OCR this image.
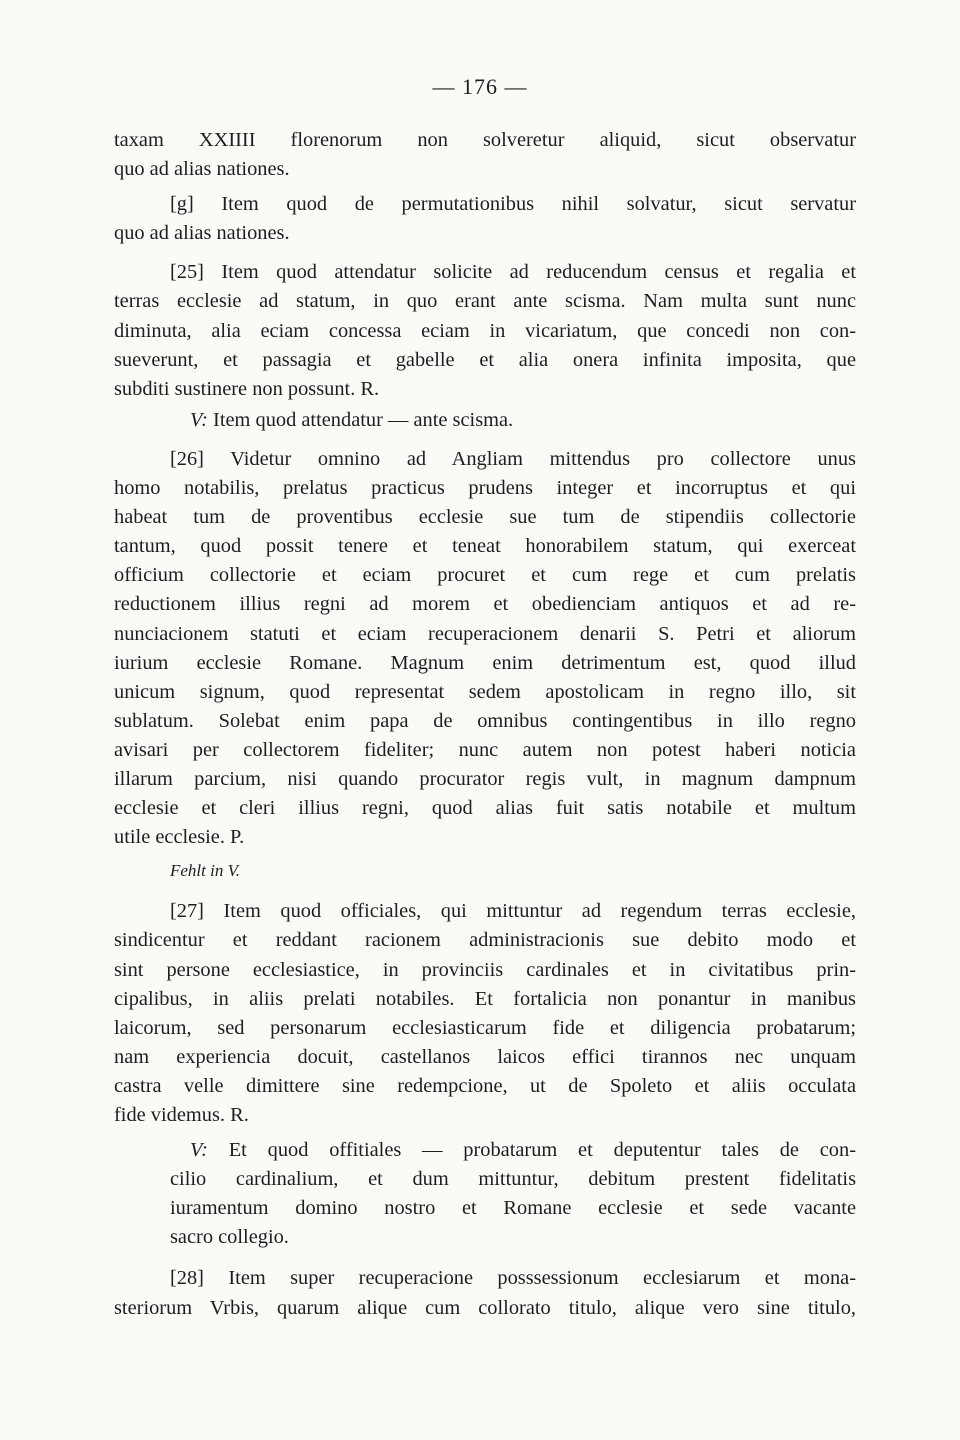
— 176 —
taxam XXIIII florenorum non solveretur aliquid, sicut observatur
quo ad alias nationes.
[g] Item quod de permutationibus nihil solvatur, sicut servatur
quo ad alias nationes.
[25] Item quod attendatur solicite ad reducendum census et regalia et
terras ecclesie ad statum, in quo erant ante scisma. Nam multa sunt nunc
diminuta, alia eciam concessa eciam in vicariatum, que concedi non con-
sueverunt, et passagia et gabelle et alia onera infinita imposita, que
subditi sustinere non possunt. R.
V: Item quod attendatur — ante scisma.
[26] Videtur omnino ad Angliam mittendus pro collectore unus
homo notabilis, prelatus practicus prudens integer et incorruptus et qui
habeat tum de proventibus ecclesie sue tum de stipendiis collectorie
tantum, quod possit tenere et teneat honorabilem statum, qui exerceat
officium collectorie et eciam procuret et cum rege et cum prelatis
reductionem illius regni ad morem et obedienciam antiquos et ad re-
nunciacionem statuti et eciam recuperacionem denarii S. Petri et aliorum
iurium ecclesie Romane. Magnum enim detrimentum est, quod illud
unicum signum, quod representat sedem apostolicam in regno illo, sit
sublatum. Solebat enim papa de omnibus contingentibus in illo regno
avisari per collectorem fideliter; nunc autem non potest haberi noticia
illarum parcium, nisi quando procurator regis vult, in magnum dampnum
ecclesie et cleri illius regni, quod alias fuit satis notabile et multum
utile ecclesie. P.
Fehlt in V.
[27] Item quod officiales, qui mittuntur ad regendum terras ecclesie,
sindicentur et reddant racionem administracionis sue debito modo et
sint persone ecclesiastice, in provinciis cardinales et in civitatibus prin-
cipalibus, in aliis prelati notabiles. Et fortalicia non ponantur in manibus
laicorum, sed personarum ecclesiasticarum fide et diligencia probatarum;
nam experiencia docuit, castellanos laicos effici tirannos nec unquam
castra velle dimittere sine redempcione, ut de Spoleto et aliis occulata
fide videmus. R.
V: Et quod offitiales — probatarum et deputentur tales de con-
cilio cardinalium, et dum mittuntur, debitum prestent fidelitatis
iuramentum domino nostro et Romane ecclesie et sede vacante
sacro collegio.
[28] Item super recuperacione posssessionum ecclesiarum et mona-
steriorum Vrbis, quarum alique cum collorato titulo, alique vero sine titulo,
